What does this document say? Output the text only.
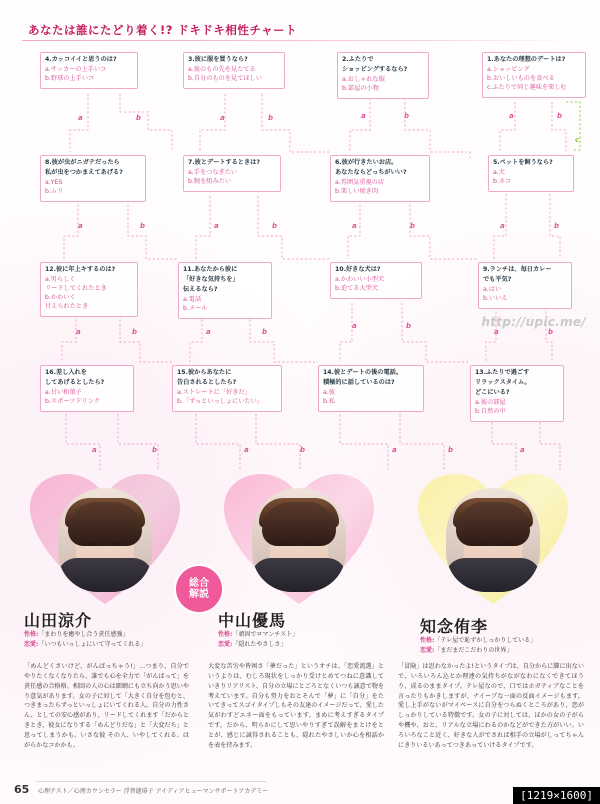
あなたは誰にたどり着く!? ドキドキ相性チャート
4.カッコイイと思うのは?
a.サッカーの上手いコ
b.野球の上手いコ
3.彼に服を買うなら?
a.彼のもの先を見たてる
b.自分のものを見てほしい
2.ふたりで
ショッピングするなら?
a.おしゃれな服
b.部屋の小物
1.あなたの理想のデートは?
a.ショッピング
b.おいしいものを食べる
c.ふたりで同じ趣味を楽しむ
8.彼が虫がニガテだったら
私が虫をつかまえてあげる?
a.YES
b.ムリ
7.彼とデートするときは?
a.手をつなぎたい
b.腕を組みたい
6.彼が行きたいお店。
あなたならどっちがいい?
a.雰囲気重視の店
b.楽しい焼き肉
5.ペットを飼うなら?
a.犬
b.ネコ
12.彼に年上キするのは?
a.男らしく
リードしてくれたとき
b.かわいく
甘えられたとき
11.あなたから彼に
「好きな気持ちを」
伝えるなら?
a.電話
b.メール
10.好きな犬は?
a.かわいい小型犬
b.迫てる大型犬
9.ランチは、毎日カレー
でも平気?
a.はい
b.いいえ
16.差し入れを
してあげるとしたら?
a.甘い和菓子
b.スポーツドリンク
15.彼からあなたに
告白されるとしたら?
a.ストレートに「好きだ」
b.「ずっといっしょにいたい」
14.彼とデートの後の電話。
積極的に話しているのは?
a.彼
b.私
13.ふたりで過ごす
リラックスタイム。
どこにいる?
a.彼の部屋
b.自然の中
a	b	a	b	a	b	a	b
c
a	b	a	b	a	b	a	b
a	b	a	b
a	b
a	b
a	b	a	b	a	b	a
総合
解説
山田涼介	中山優馬	知念侑李
性格:「まわりを癒やし合う責任感強」
恋愛:「いつもいっしょにいて守ってくれる」
性格:「頑固でロマンチスト」
恋愛:「隠れたやさしさ」
性格:「テレ屋で恥ずかしっかりしている」
恋愛:「まだまだこだわりの世界」
「めんどくさいけど、がんばっちゃう!」…つまり、自分でやりたくなくなりたら、誰でも心を全力で「がんばって」を責任感の合格格、相回の人の心は細網にも立ち向かう思いやり意気があります。女の子に対して「大きく自分を包むと、つきまったらずっといっしょにいてくれる人。自分の力性さん、としての安心感があり、リードしてくれます「だからときとき、彼女になりする「めんどりだな」と「大変だち」と思ってしまうかも。いさな彼 その人、いやしてくれる。はがらかなコかかも。
大変な苦労や皆困さ「夢だった」というオチは、「恋愛流選」というよりは、むしろ現状をしっかり受けとめてつねに意識していきりリアリスト、自分の立場にとごろとなくいつも誠意で物を考えています。自分も努力をおとそんで「夢」に「自分」をたいてきってスゴイタイプしもその友達のイメージだって、愛した気がわすどエネー面をもっています。まめに考えすぎるタイプです。だから、明らかにして思いやりすぎて誤解をまとけをととが、感じに誠得されることも、隠れたやさしいか心を相話かを表を持みます。
「冒険」は思わなかったよ!というタイプは、自分からに脚に出ないで、いろいろん込とか理連の気持ちがながなわになくできてほうり、成るのままタイプ。テレ屋なので、口ではホガティブなことを言ったりもかきしますが、ナイーブな一面の反面イメージもます。愛し上手がないがマイペースに自分をつらぬくところがあり、恋がしっかりしている特徴です。女の子に対しては、ほかの女の子がらや機や、おと、リアルな立場にわるのかなどができた方がいい。いろいろなこと近く、好きな人がでされば相手の立場がしってちゃんにきりいるいあってつきあっていけるタイプです。
65 心理テスト／心理カウンセラー 浮替漣琲子 アイディアヒューマンサポートアカデミー
http://upic.me/
[1219×1600]
